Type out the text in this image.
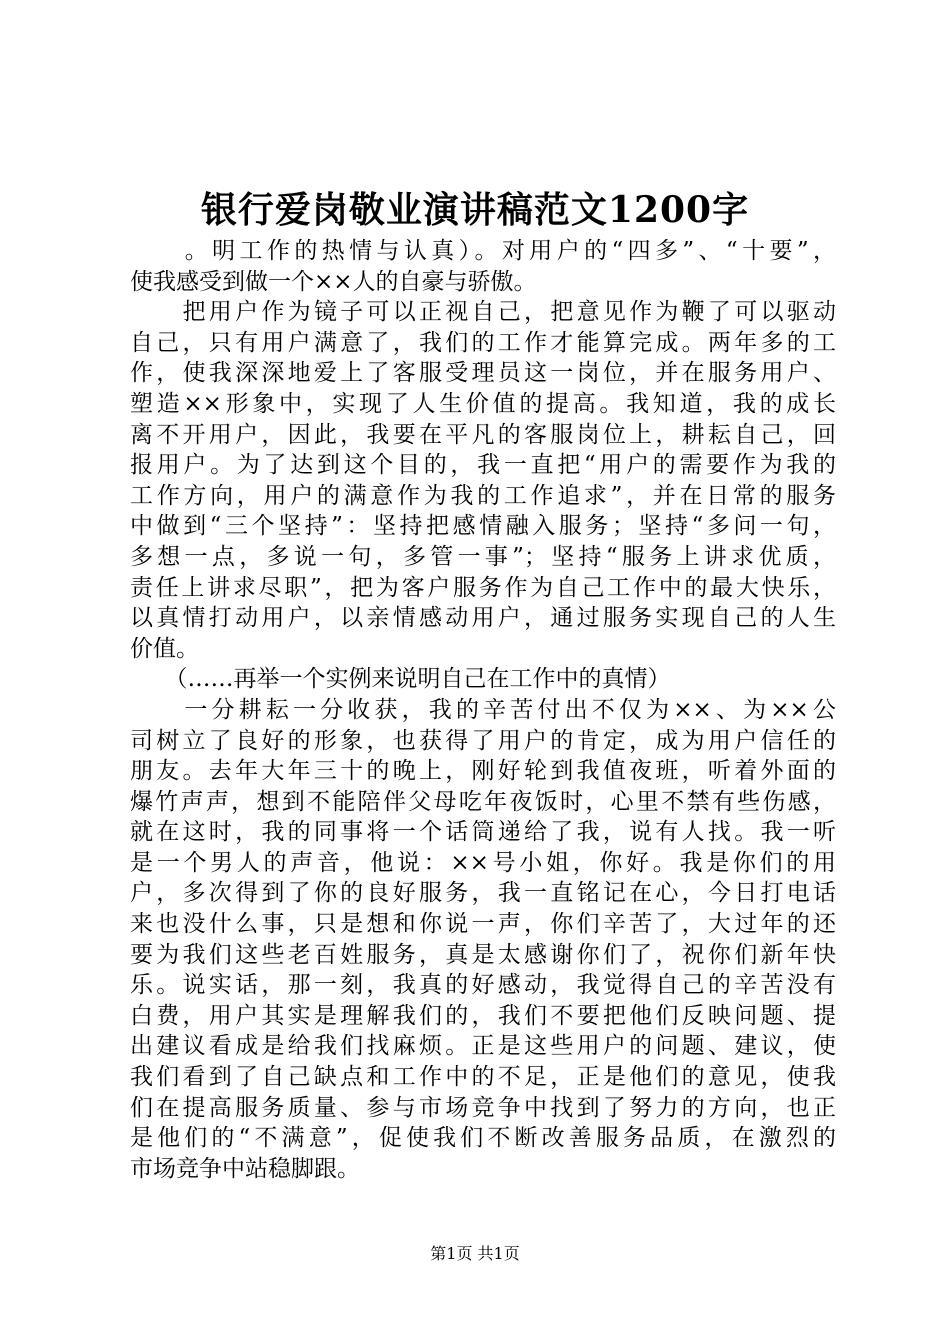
银行爱岗敬业演讲稿范文1200字
　　。明工作的热情与认真）。对用户的“四多”、“十要”，
使我感受到做一个××人的自豪与骄傲。
　　把用户作为镜子可以正视自己，把意见作为鞭了可以驱动
自己，只有用户满意了，我们的工作才能算完成。两年多的工
作，使我深深地爱上了客服受理员这一岗位，并在服务用户、
塑造××形象中，实现了人生价值的提高。我知道，我的成长
离不开用户，因此，我要在平凡的客服岗位上，耕耘自己，回
报用户。为了达到这个目的，我一直把“用户的需要作为我的
工作方向，用户的满意作为我的工作追求”，并在日常的服务
中做到“三个坚持”：坚持把感情融入服务；坚持“多问一句，
多想一点，多说一句，多管一事”；坚持“服务上讲求优质，
责任上讲求尽职”，把为客户服务作为自己工作中的最大快乐，
以真情打动用户，以亲情感动用户，通过服务实现自己的人生
价值。
　　（……再举一个实例来说明自己在工作中的真情）
　　一分耕耘一分收获，我的辛苦付出不仅为××、为××公
司树立了良好的形象，也获得了用户的肯定，成为用户信任的
朋友。去年大年三十的晚上，刚好轮到我值夜班，听着外面的
爆竹声声，想到不能陪伴父母吃年夜饭时，心里不禁有些伤感，
就在这时，我的同事将一个话筒递给了我，说有人找。我一听
是一个男人的声音，他说：××号小姐，你好。我是你们的用
户，多次得到了你的良好服务，我一直铭记在心，今日打电话
来也没什么事，只是想和你说一声，你们辛苦了，大过年的还
要为我们这些老百姓服务，真是太感谢你们了，祝你们新年快
乐。说实话，那一刻，我真的好感动，我觉得自己的辛苦没有
白费，用户其实是理解我们的，我们不要把他们反映问题、提
出建议看成是给我们找麻烦。正是这些用户的问题、建议，使
我们看到了自己缺点和工作中的不足，正是他们的意见，使我
们在提高服务质量、参与市场竞争中找到了努力的方向，也正
是他们的“不满意”，促使我们不断改善服务品质，在激烈的
市场竞争中站稳脚跟。
第1页 共1页
